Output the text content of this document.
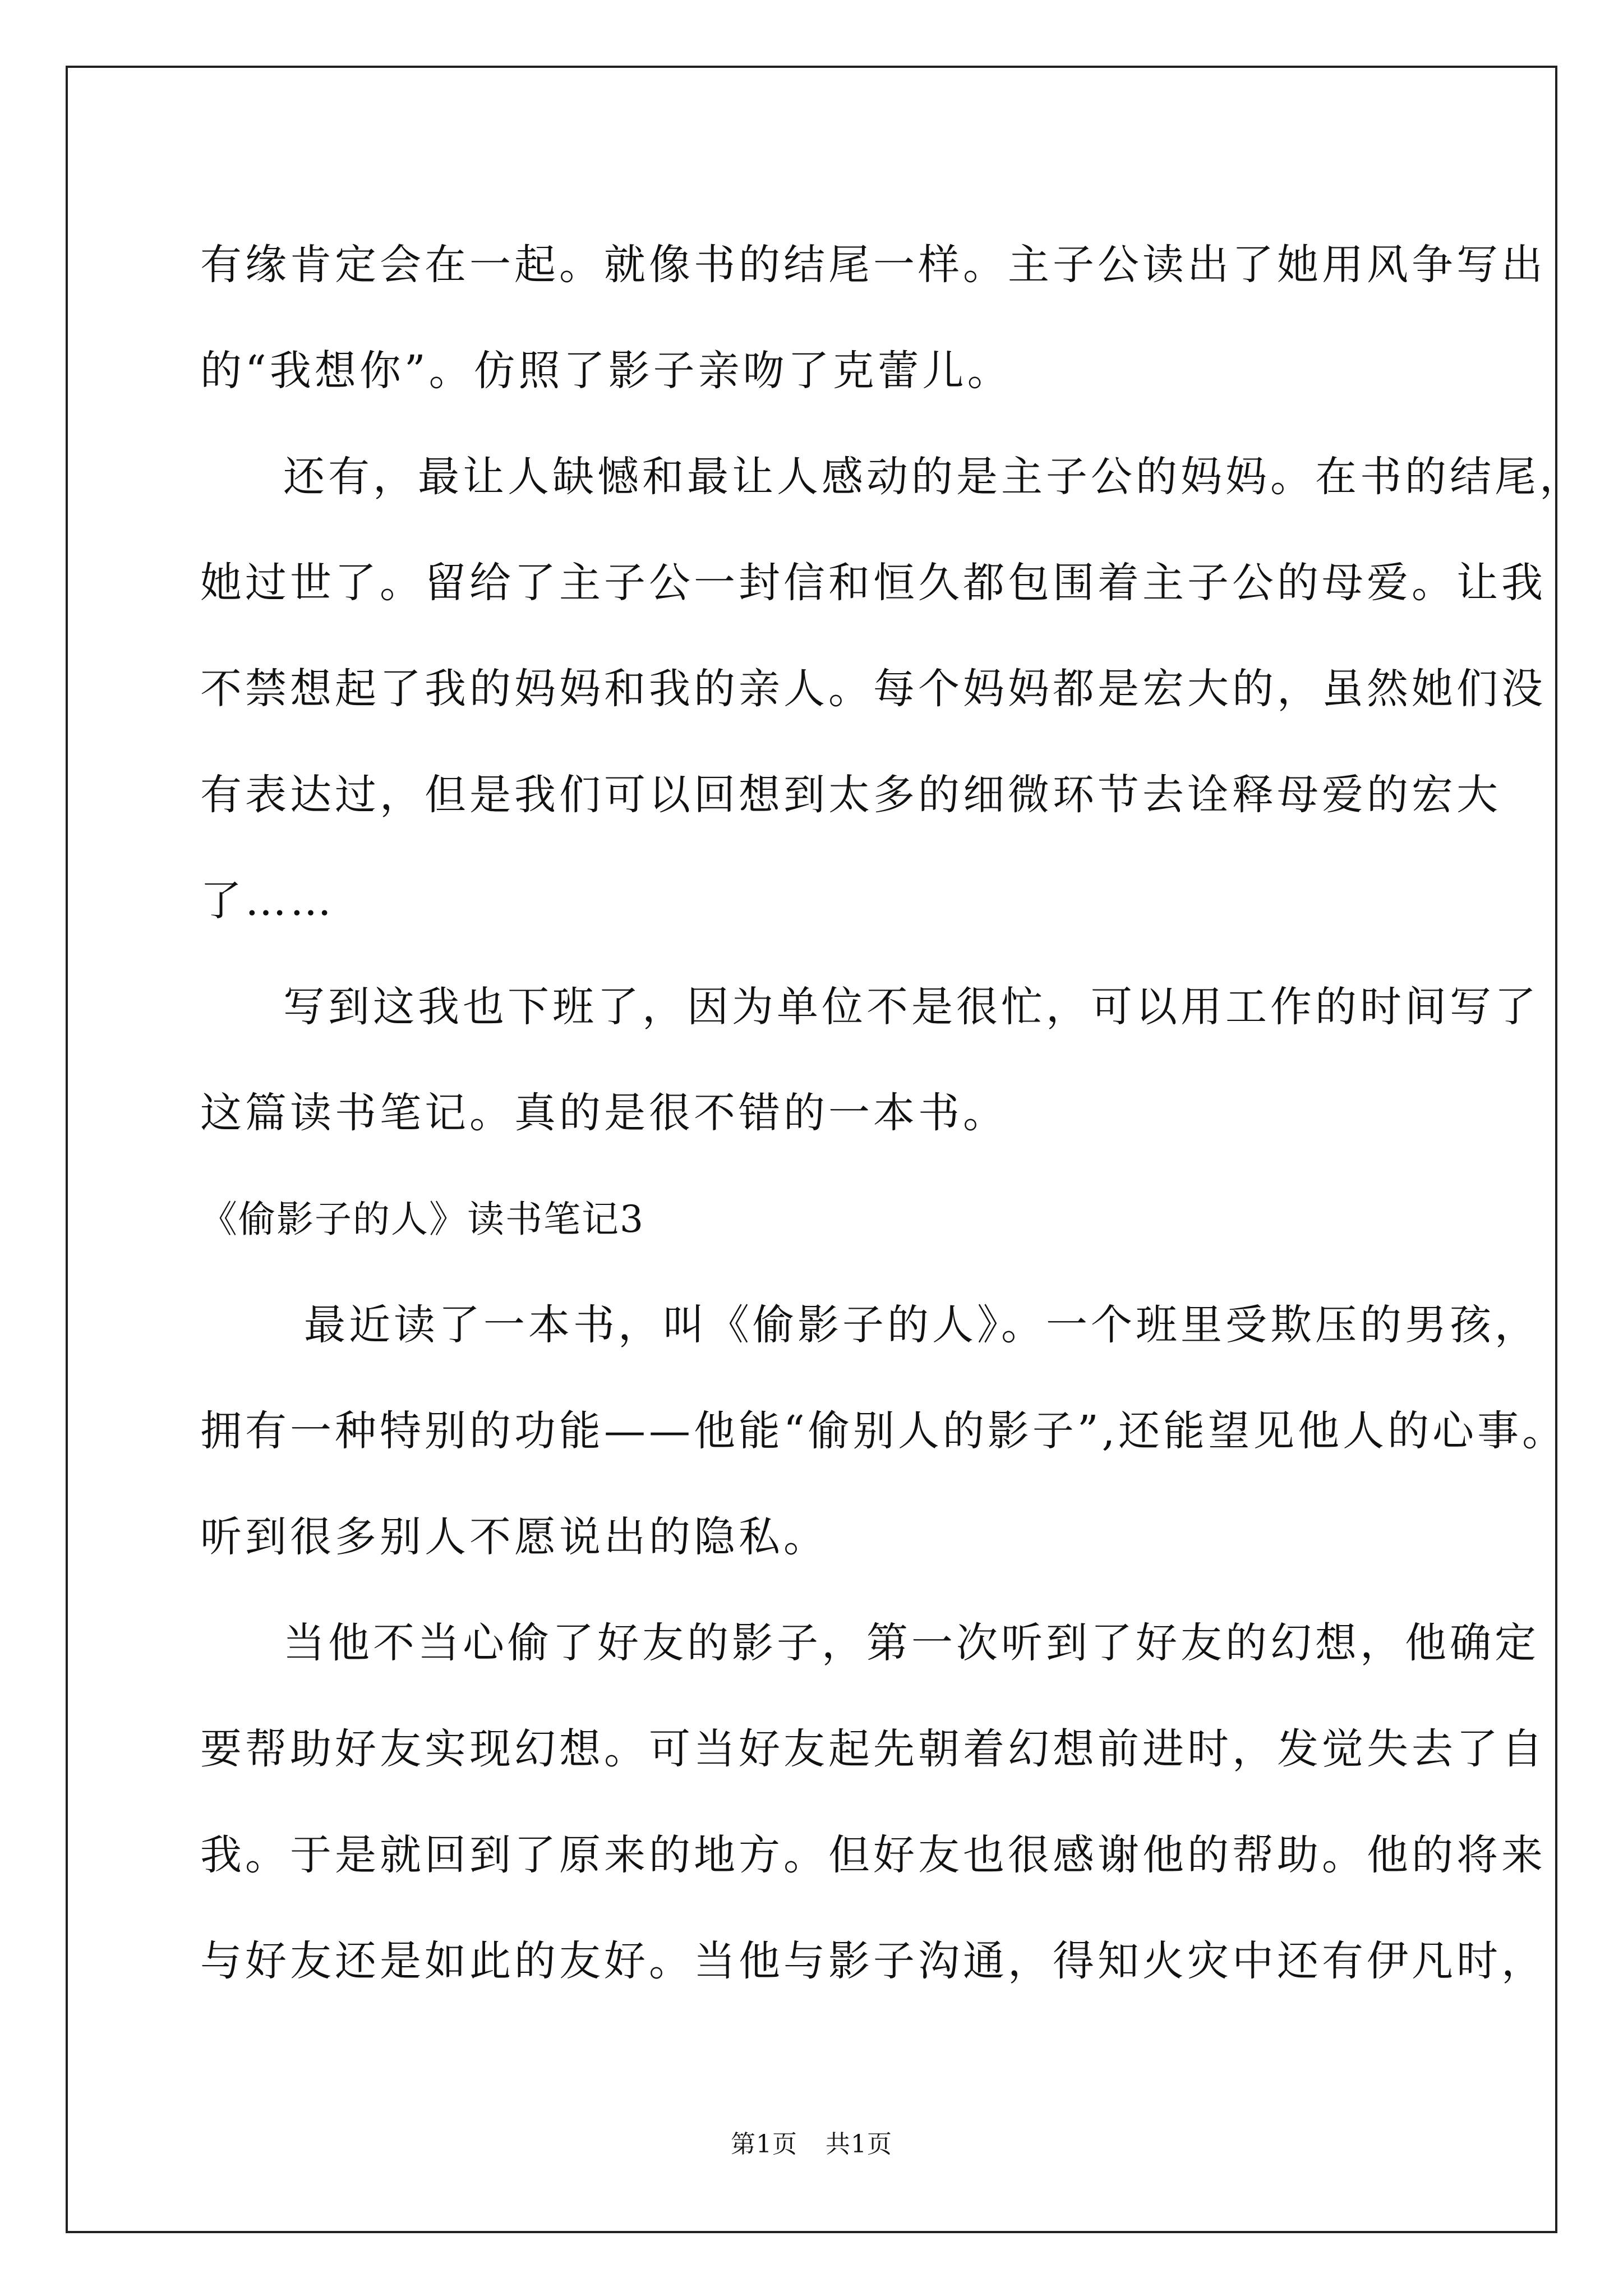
有缘肯定会在一起。就像书的结尾一样。主子公读出了她用风争写出
的“我想你”。仿照了影子亲吻了克蕾儿。
还有，最让人缺憾和最让人感动的是主子公的妈妈。在书的结尾，
她过世了。留给了主子公一封信和恒久都包围着主子公的母爱。让我
不禁想起了我的妈妈和我的亲人。每个妈妈都是宏大的，虽然她们没
有表达过，但是我们可以回想到太多的细微环节去诠释母爱的宏大
了……
写到这我也下班了，因为单位不是很忙，可以用工作的时间写了
这篇读书笔记。真的是很不错的一本书。
《偷影子的人》读书笔记3
最近读了一本书，叫《偷影子的人》。一个班里受欺压的男孩，
拥有一种特别的功能——他能“偷别人的影子”,还能望见他人的心事。
听到很多别人不愿说出的隐私。
当他不当心偷了好友的影子，第一次听到了好友的幻想，他确定
要帮助好友实现幻想。可当好友起先朝着幻想前进时，发觉失去了自
我。于是就回到了原来的地方。但好友也很感谢他的帮助。他的将来
与好友还是如此的友好。当他与影子沟通，得知火灾中还有伊凡时，
第1页 共1页
